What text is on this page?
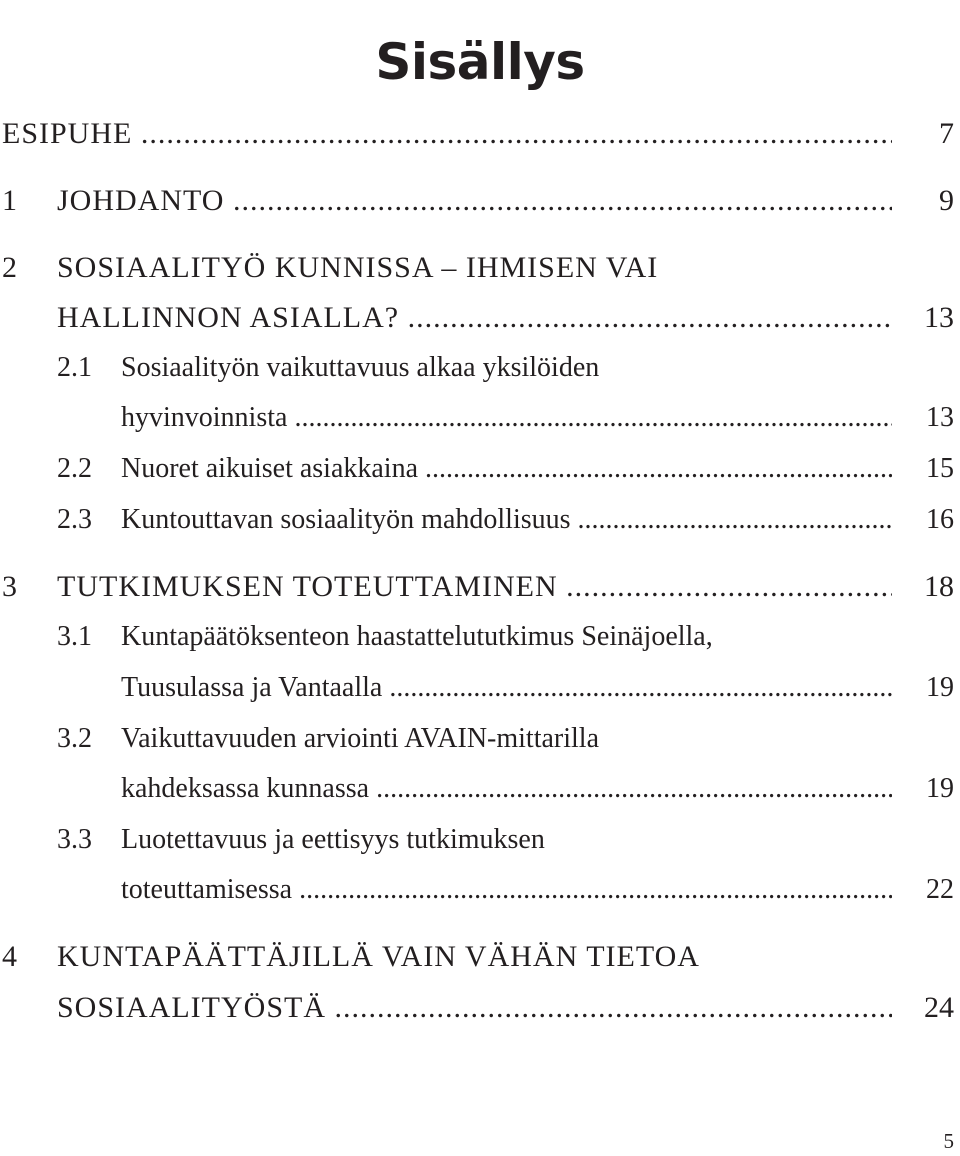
Sisällys
ESIPUHE .....	7
1 JOHDANTO .....	9
2 SOSIAALITYÖ KUNNISSA – IHMISEN VAI
HALLINNON ASIALLA? .....	13
2.1 Sosiaalityön vaikuttavuus alkaa yksilöiden
hyvinvoinnista .....	13
2.2 Nuoret aikuiset asiakkaina .....	15
2.3 Kuntouttavan sosiaalityön mahdollisuus .....	16
3 TUTKIMUKSEN TOTEUTTAMINEN .....	18
3.1 Kuntapäätöksenteon haastattelututkimus Seinäjoella,
Tuusulassa ja Vantaalla .....	19
3.2 Vaikuttavuuden arviointi AVAIN-mittarilla
kahdeksassa kunnassa .....	19
3.3 Luotettavuus ja eettisyys tutkimuksen
toteuttamisessa .....	22
4 KUNTAPÄÄTTÄJILLÄ VAIN VÄHÄN TIETOA
SOSIAALITYÖSTÄ .....	24
5
